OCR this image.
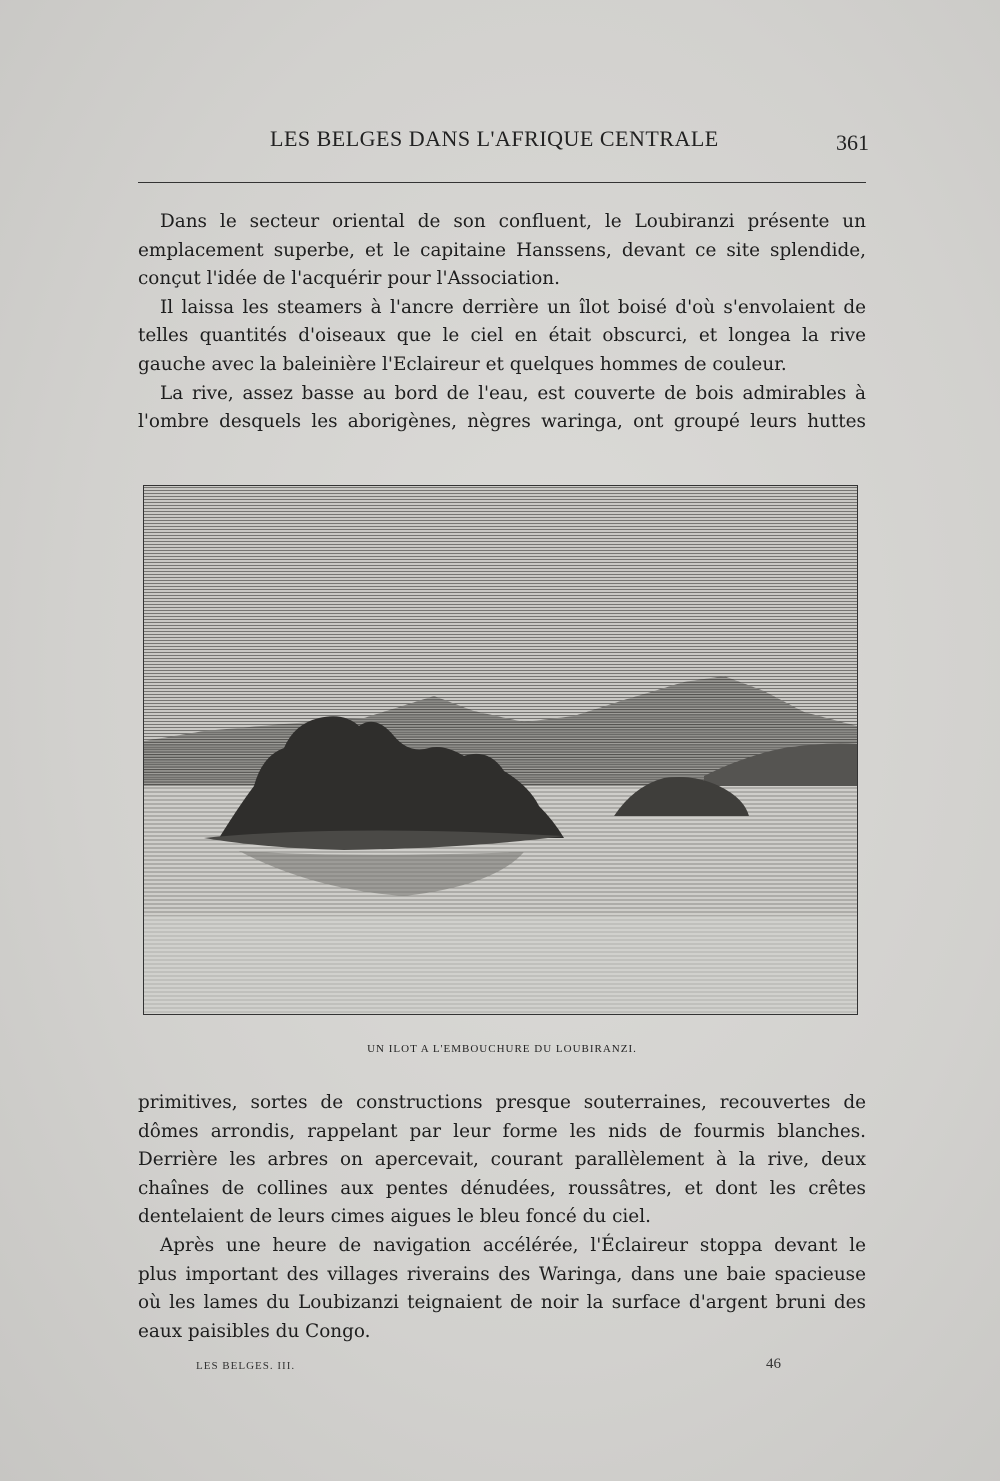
LES BELGES DANS L'AFRIQUE CENTRALE	361
Dans le secteur oriental de son confluent, le Loubiranzi présente un
emplacement superbe, et le capitaine Hanssens, devant ce site splendide,
conçut l'idée de l'acquérir pour l'Association.
Il laissa les steamers à l'ancre derrière un îlot boisé d'où s'envolaient de
telles quantités d'oiseaux que le ciel en était obscurci, et longea la rive
gauche avec la baleinière l'Eclaireur et quelques hommes de couleur.
La rive, assez basse au bord de l'eau, est couverte de bois admirables à
l'ombre desquels les aborigènes, nègres waringa, ont groupé leurs huttes
UN ILOT A L'EMBOUCHURE DU LOUBIRANZI.
primitives, sortes de constructions presque souterraines, recouvertes de
dômes arrondis, rappelant par leur forme les nids de fourmis blanches.
Derrière les arbres on apercevait, courant parallèlement à la rive, deux
chaînes de collines aux pentes dénudées, roussâtres, et dont les crêtes
dentelaient de leurs cimes aigues le bleu foncé du ciel.
Après une heure de navigation accélérée, l'Éclaireur stoppa devant le
plus important des villages riverains des Waringa, dans une baie spacieuse
où les lames du Loubizanzi teignaient de noir la surface d'argent bruni des
eaux paisibles du Congo.
LES BELGES. III.	46
